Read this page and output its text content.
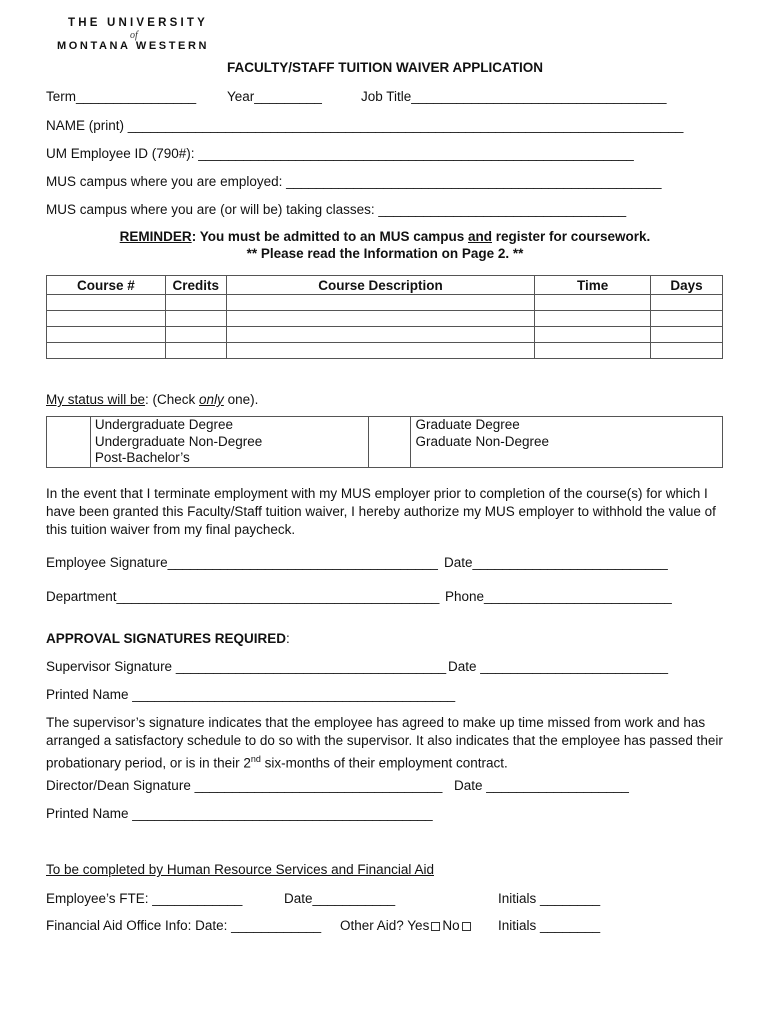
THE UNIVERSITY
of
MONTANA WESTERN
FACULTY/STAFF TUITION WAIVER APPLICATION
Term________________ Year_________	Job Title__________________________________
NAME (print) __________________________________________________________________________
UM Employee ID (790#): __________________________________________________________
MUS campus where you are employed: __________________________________________________
MUS campus where you are (or will be) taking classes: _________________________________
REMINDER: You must be admitted to an MUS campus and register for coursework.
** Please read the Information on Page 2. **
Course #	Credits	Course Description	Time	Days

My status will be: (Check only one).

Undergraduate Degree
Undergraduate Non-Degree
Post-Bachelor’s

Graduate Degree
Graduate Non-Degree
In the event that I terminate employment with my MUS employer prior to completion of the course(s) for which I have been granted this Faculty/Staff tuition waiver, I hereby authorize my MUS employer to withhold the value of this tuition waiver from my final paycheck.
Employee Signature____________________________________ Date__________________________
Department___________________________________________ Phone_________________________
APPROVAL SIGNATURES REQUIRED:
Supervisor Signature ____________________________________ Date _________________________
Printed Name ___________________________________________
The supervisor’s signature indicates that the employee has agreed to make up time missed from work and has arranged a satisfactory schedule to do so with the supervisor. It also indicates that the employee has passed their probationary period, or is in their 2nd six-months of their employment contract.
Director/Dean Signature _________________________________ Date ___________________
Printed Name ________________________________________
To be completed by Human Resource Services and Financial Aid
Employee’s FTE: ____________	Date___________	Initials ________
Financial Aid Office Info: Date: ____________ Other Aid? Yes No	Initials ________
